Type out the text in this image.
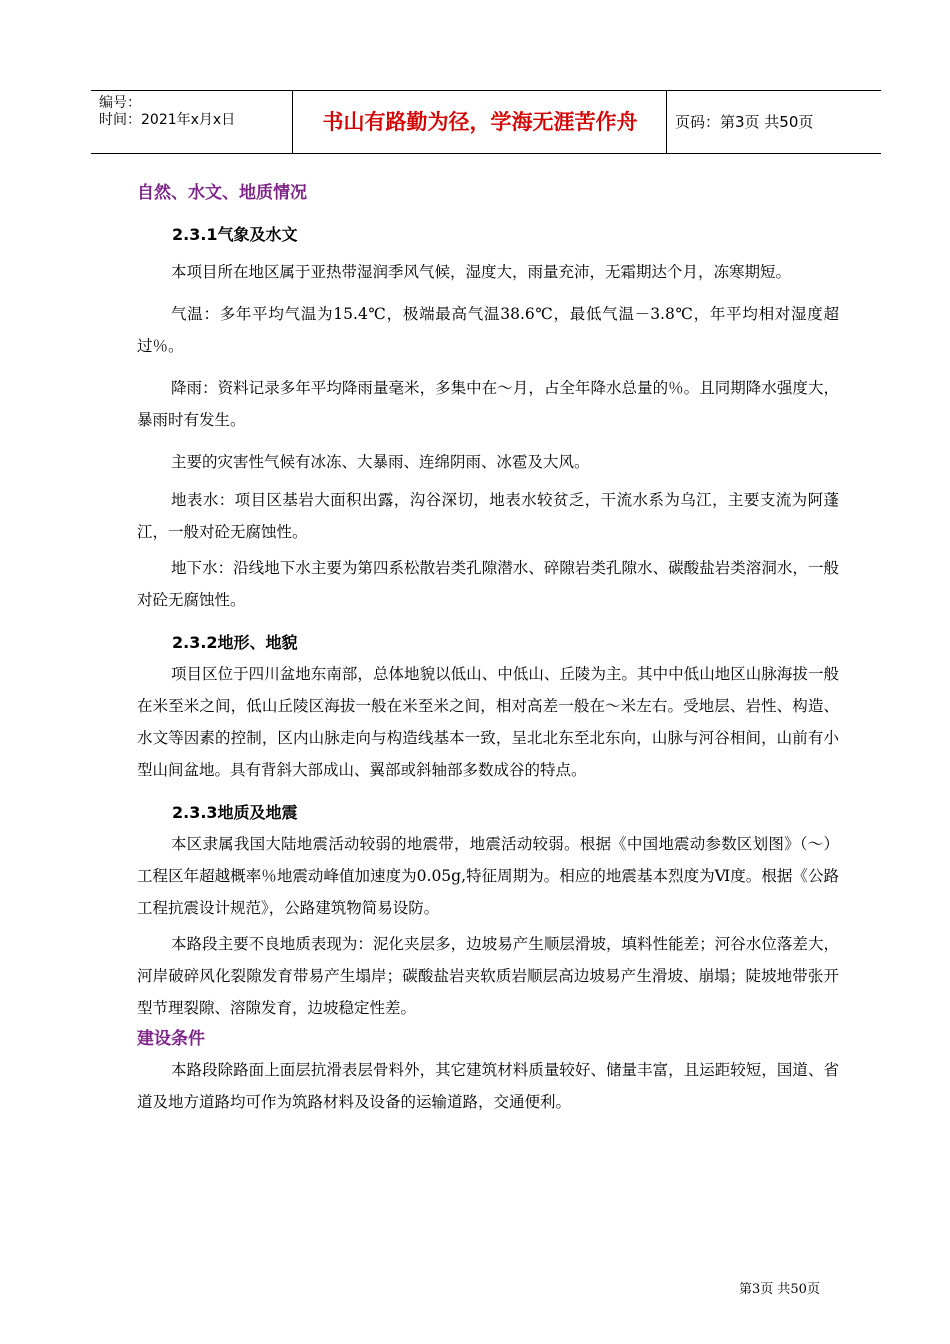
编号：
时间：2021年x月x日	书山有路勤为径，学海无涯苦作舟	页码：第3页 共50页
自然、水文、地质情况
2.3.1气象及水文

本项目所在地区属于亚热带湿润季风气候，湿度大，雨量充沛，无霜期达个月，冻寒期短。

气温：多年平均气温为15.4℃，极端最高气温38.6℃，最低气温－3.8℃，年平均相对湿度超过％。

降雨：资料记录多年平均降雨量毫米，多集中在～月，占全年降水总量的％。且同期降水强度大，暴雨时有发生。

主要的灾害性气候有冰冻、大暴雨、连绵阴雨、冰雹及大风。

地表水：项目区基岩大面积出露，沟谷深切，地表水较贫乏，干流水系为乌江，主要支流为阿蓬江，一般对砼无腐蚀性。

地下水：沿线地下水主要为第四系松散岩类孔隙潜水、碎隙岩类孔隙水、碳酸盐岩类溶洞水，一般对砼无腐蚀性。

2.3.2地形、地貌

项目区位于四川盆地东南部，总体地貌以低山、中低山、丘陵为主。其中中低山地区山脉海拔一般在米至米之间，低山丘陵区海拔一般在米至米之间，相对高差一般在～米左右。受地层、岩性、构造、水文等因素的控制，区内山脉走向与构造线基本一致，呈北北东至北东向，山脉与河谷相间，山前有小型山间盆地。具有背斜大部成山、翼部或斜轴部多数成谷的特点。

2.3.3地质及地震

本区隶属我国大陆地震活动较弱的地震带，地震活动较弱。根据《中国地震动参数区划图》（～）工程区年超越概率％地震动峰值加速度为0.05g,特征周期为。相应的地震基本烈度为Ⅵ度。根据《公路工程抗震设计规范》，公路建筑物简易设防。

本路段主要不良地质表现为：泥化夹层多，边坡易产生顺层滑坡，填料性能差；河谷水位落差大，河岸破碎风化裂隙发育带易产生塌岸；碳酸盐岩夹软质岩顺层高边坡易产生滑坡、崩塌；陡坡地带张开型节理裂隙、溶隙发育，边坡稳定性差。

建设条件

本路段除路面上面层抗滑表层骨料外，其它建筑材料质量较好、储量丰富，且运距较短，国道、省道及地方道路均可作为筑路材料及设备的运输道路，交通便利。

第3页 共50页
